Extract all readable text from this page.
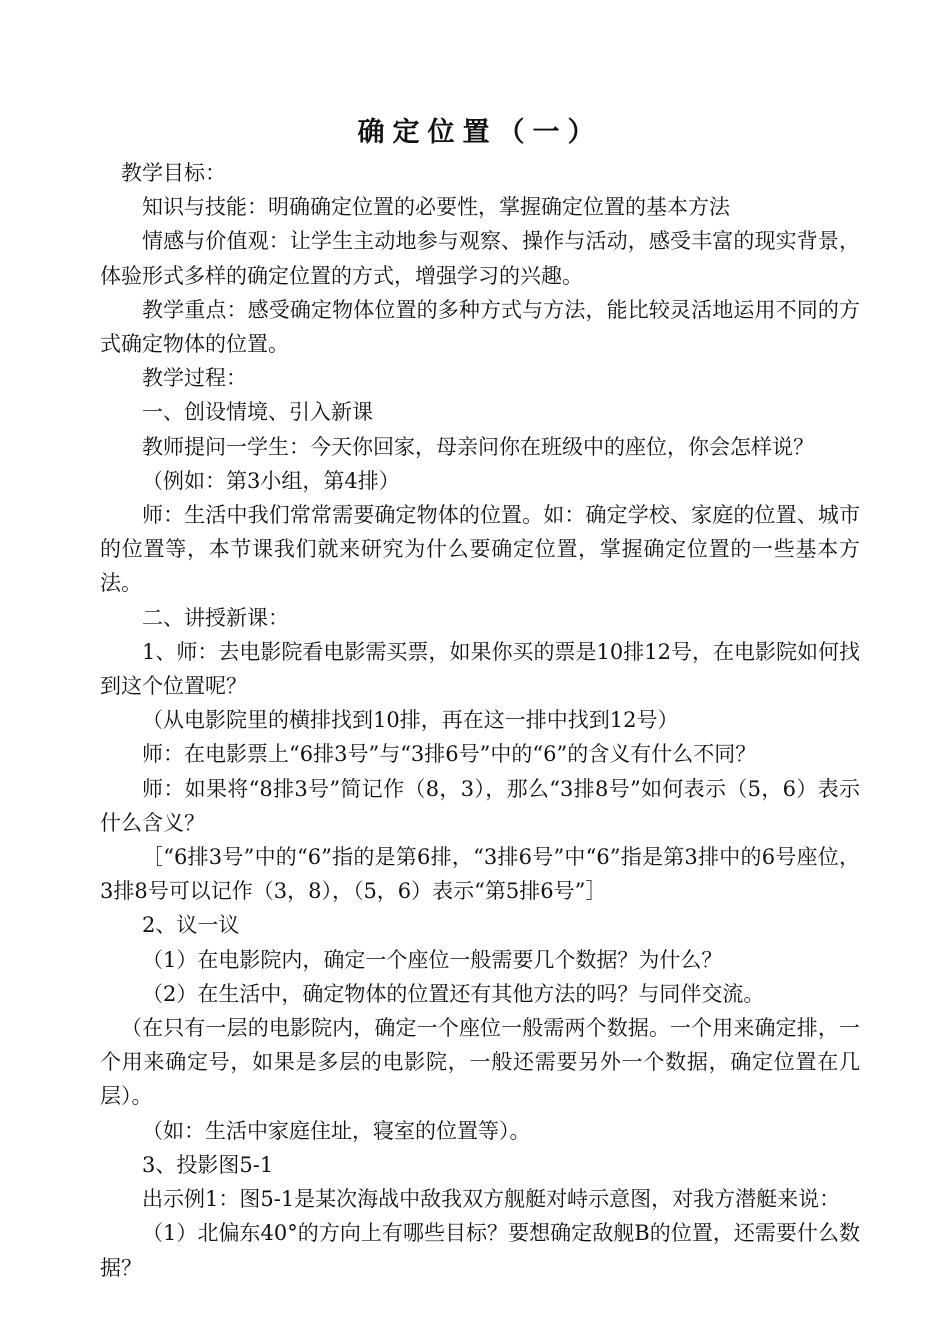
确定位置（一）

教学目标：

知识与技能：明确确定位置的必要性，掌握确定位置的基本方法

情感与价值观：让学生主动地参与观察、操作与活动，感受丰富的现实背景，体验形式多样的确定位置的方式，增强学习的兴趣。

教学重点：感受确定物体位置的多种方式与方法，能比较灵活地运用不同的方式确定物体的位置。

教学过程：

一、创设情境、引入新课

教师提问一学生：今天你回家，母亲问你在班级中的座位，你会怎样说？

（例如：第3小组，第4排）

师：生活中我们常常需要确定物体的位置。如：确定学校、家庭的位置、城市的位置等，本节课我们就来研究为什么要确定位置，掌握确定位置的一些基本方法。

二、讲授新课：

1、师：去电影院看电影需买票，如果你买的票是10排12号，在电影院如何找到这个位置呢？

（从电影院里的横排找到10排，再在这一排中找到12号）

师：在电影票上“6排3号”与“3排6号”中的“6”的含义有什么不同？

师：如果将“8排3号”简记作（8，3），那么“3排8号”如何表示（5，6）表示什么含义？

［“6排3号”中的“6”指的是第6排，“3排6号”中“6”指是第3排中的6号座位，3排8号可以记作（3，8），（5，6）表示“第5排6号”］

2、议一议

（1）在电影院内，确定一个座位一般需要几个数据？为什么？

（2）在生活中，确定物体的位置还有其他方法的吗？与同伴交流。

（在只有一层的电影院内，确定一个座位一般需两个数据。一个用来确定排，一个用来确定号，如果是多层的电影院，一般还需要另外一个数据，确定位置在几层）。

（如：生活中家庭住址，寝室的位置等）。

3、投影图5-1

出示例1：图5-1是某次海战中敌我双方舰艇对峙示意图，对我方潜艇来说：

（1）北偏东40°的方向上有哪些目标？要想确定敌舰B的位置，还需要什么数据？
